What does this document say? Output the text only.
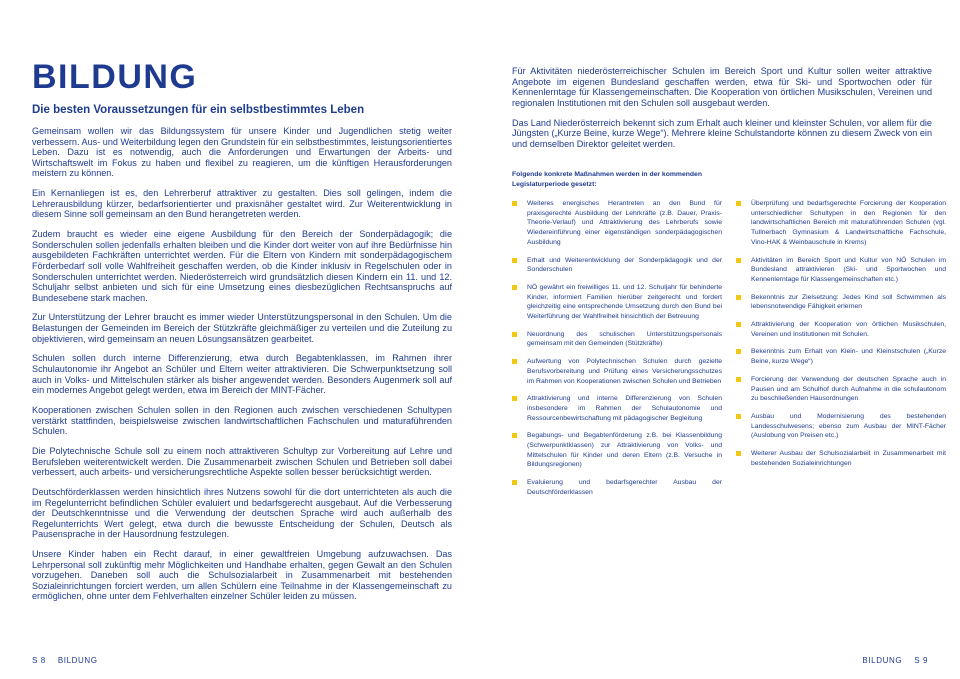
BILDUNG
Die besten Voraussetzungen für ein selbstbestimmtes Leben

Gemeinsam wollen wir das Bildungssystem für unsere Kinder und Jugendlichen stetig weiter verbessern. Aus- und Weiterbildung legen den Grundstein für ein selbstbestimmtes, leistungsorientiertes Leben. Dazu ist es notwendig, auch die Anforderungen und Erwartungen der Arbeits- und Wirtschaftswelt im Fokus zu haben und flexibel zu reagieren, um die künftigen Herausforderungen meistern zu können.

Ein Kernanliegen ist es, den Lehrerberuf attraktiver zu gestalten. Dies soll gelingen, indem die Lehrerausbildung kürzer, bedarfsorientierter und praxisnäher gestaltet wird. Zur Weiterentwicklung in diesem Sinne soll gemeinsam an den Bund herangetreten werden.

Zudem braucht es wieder eine eigene Ausbildung für den Bereich der Sonderpädagogik; die Sonderschulen sollen jedenfalls erhalten bleiben und die Kinder dort weiter von auf ihre Bedürfnisse hin ausgebildeten Fachkräften unterrichtet werden. Für die Eltern von Kindern mit sonderpädagogischem Förderbedarf soll volle Wahlfreiheit geschaffen werden, ob die Kinder inklusiv in Regelschulen oder in Sonderschulen unterrichtet werden. Niederösterreich wird grundsätzlich diesen Kindern ein 11. und 12. Schuljahr selbst anbieten und sich für eine Umsetzung eines diesbezüglichen Rechtsanspruchs auf Bundesebene stark machen.

Zur Unterstützung der Lehrer braucht es immer wieder Unterstützungspersonal in den Schulen. Um die Belastungen der Gemeinden im Bereich der Stützkräfte gleichmäßiger zu verteilen und die Zuteilung zu objektivieren, wird gemeinsam an neuen Lösungsansätzen gearbeitet.

Schulen sollen durch interne Differenzierung, etwa durch Begabtenklassen, im Rahmen ihrer Schulautonomie ihr Angebot an Schüler und Eltern weiter attraktivieren. Die Schwerpunktsetzung soll auch in Volks- und Mittelschulen stärker als bisher angewendet werden. Besonders Augenmerk soll auf ein modernes Angebot gelegt werden, etwa im Bereich der MINT-Fächer.

Kooperationen zwischen Schulen sollen in den Regionen auch zwischen verschiedenen Schultypen verstärkt stattfinden, beispielsweise zwischen landwirtschaftlichen Fachschulen und maturaführenden Schulen.

Die Polytechnische Schule soll zu einem noch attraktiveren Schultyp zur Vorbereitung auf Lehre und Berufsleben weiterentwickelt werden. Die Zusammenarbeit zwischen Schulen und Betrieben soll dabei verbessert, auch arbeits- und versicherungsrechtliche Aspekte sollen besser berücksichtigt werden.

Deutschförderklassen werden hinsichtlich ihres Nutzens sowohl für die dort unterrichteten als auch die im Regelunterricht befindlichen Schüler evaluiert und bedarfsgerecht ausgebaut. Auf die Verbesserung der Deutschkenntnisse und die Verwendung der deutschen Sprache wird auch außerhalb des Regelunterrichts Wert gelegt, etwa durch die bewusste Entscheidung der Schulen, Deutsch als Pausensprache in der Hausordnung festzulegen.

Unsere Kinder haben ein Recht darauf, in einer gewaltfreien Umgebung aufzuwachsen. Das Lehrpersonal soll zukünftig mehr Möglichkeiten und Handhabe erhalten, gegen Gewalt an den Schulen vorzugehen. Daneben soll auch die Schulsozialarbeit in Zusammenarbeit mit bestehenden Sozialeinrichtungen forciert werden, um allen Schülern eine Teilnahme in der Klassengemeinschaft zu ermöglichen, ohne unter dem Fehlverhalten einzelner Schüler leiden zu müssen.

S 8 BILDUNG

Für Aktivitäten niederösterreichischer Schulen im Bereich Sport und Kultur sollen weiter attraktive Angebote im eigenen Bundesland geschaffen werden, etwa für Ski- und Sportwochen oder für Kennenlerntage für Klassengemeinschaften. Die Kooperation von örtlichen Musikschulen, Vereinen und regionalen Institutionen mit den Schulen soll ausgebaut werden.

Das Land Niederösterreich bekennt sich zum Erhalt auch kleiner und kleinster Schulen, vor allem für die Jüngsten („Kurze Beine, kurze Wege“). Mehrere kleine Schulstandorte können zu diesem Zweck von ein und demselben Direktor geleitet werden.

Folgende konkrete Maßnahmen werden in der kommenden Legislaturperiode gesetzt:
Weiteres energisches Herantreten an den Bund für praxisgerechte Ausbildung der Lehrkräfte (z.B. Dauer, Praxis-Theorie-Verlauf) und Attraktivierung des Lehrberufs sowie Wiedereinführung einer eigenständigen sonderpädagogischen Ausbildung
Erhalt und Weiterentwicklung der Sonderpädagogik und der Sonderschulen
NÖ gewährt ein freiwilliges 11. und 12. Schuljahr für behinderte Kinder, informiert Familien hierüber zeitgerecht und fordert gleichzeitig eine entsprechende Umsetzung durch den Bund bei Weiterführung der Wahlfreiheit hinsichtlich der Betreuung
Neuordnung des schulischen Unterstützungspersonals gemeinsam mit den Gemeinden (Stützkräfte)
Aufwertung von Polytechnischen Schulen durch gezielte Berufsvorbereitung und Prüfung eines Versicherungsschutzes im Rahmen von Kooperationen zwischen Schulen und Betrieben
Attraktivierung und interne Differenzierung von Schulen insbesondere im Rahmen der Schulautonomie und Ressourcenbewirtschaftung mit pädagogischer Begleitung
Begabungs- und Begabtenförderung z.B. bei Klassenbildung (Schwerpunktklassen) zur Attraktivierung von Volks- und Mittelschulen für Kinder und deren Eltern (z.B. Versuche in Bildungsregionen)
Evaluierung und bedarfsgerechter Ausbau der Deutschförderklassen
Überprüfung und bedarfsgerechte Forcierung der Kooperation unterschiedlicher Schultypen in den Regionen für den landwirtschaftlichen Bereich mit maturaführenden Schulen (vgl. Tullnerbach Gymnasium & Landwirtschaftliche Fachschule, Vino-HAK & Weinbauschule in Krems)
Aktivitäten im Bereich Sport und Kultur von NÖ Schulen im Bundesland attraktivieren (Ski- und Sportwochen und Kennenlerntage für Klassengemeinschaften etc.)
Bekenntnis zur Zielsetzung: Jedes Kind soll Schwimmen als lebensnotwendige Fähigkeit erlernen
Attraktivierung der Kooperation von örtlichen Musikschulen, Vereinen und Institutionen mit Schulen.
Bekenntnis zum Erhalt von Klein- und Kleinstschulen („Kurze Beine, kurze Wege“)
Forcierung der Verwendung der deutschen Sprache auch in Pausen und am Schulhof durch Aufnahme in die schulautonom zu beschließenden Hausordnungen
Ausbau und Modernisierung des bestehenden Landesschulwesens; ebenso zum Ausbau der MINT-Fächer (Auslobung von Preisen etc.)
Weiterer Ausbau der Schulsozialarbeit in Zusammenarbeit mit bestehenden Sozialeinrichtungen
BILDUNG S 9
